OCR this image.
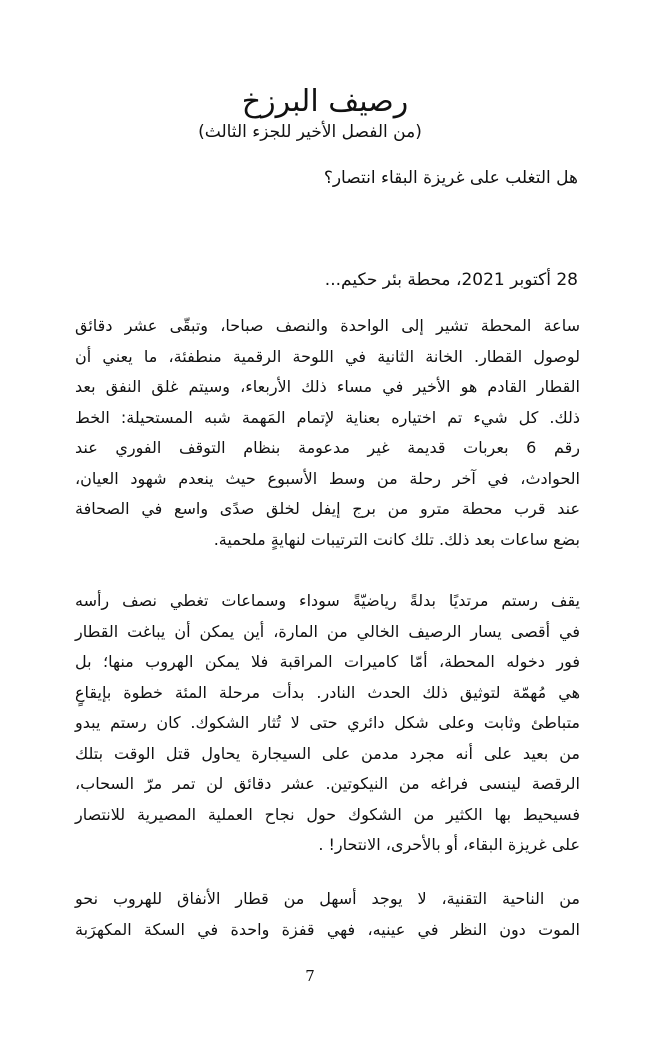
رصيف البرزخ
(من الفصل الأخير للجزء الثالث)
هل التغلب على غريزة البقاء انتصار؟
28 أكتوبر 2021، محطة بئر حكيم...
ساعة المحطة تشير إلى الواحدة والنصف صباحا، وتبقّى عشر دقائق
لوصول القطار. الخانة الثانية في اللوحة الرقمية منطفئة، ما يعني أن
القطار القادم هو الأخير في مساء ذلك الأربعاء، وسيتم غلق النفق بعد
ذلك. كل شيء تم اختياره بعناية لإتمام المَهمة شبه المستحيلة: الخط
رقم 6 بعربات قديمة غير مدعومة بنظام التوقف الفوري عند
الحوادث، في آخر رحلة من وسط الأسبوع حيث ينعدم شهود العيان،
عند قرب محطة مترو من برج إيفل لخلق صدًى واسع في الصحافة
بضع ساعات بعد ذلك. تلك كانت الترتيبات لنهايةٍ ملحمية.
يقف رستم مرتديًا بدلةً رياضيّةً سوداء وسماعات تغطي نصف رأسه
في أقصى يسار الرصيف الخالي من المارة، أين يمكن أن يباغت القطار
فور دخوله المحطة، أمّا كاميرات المراقبة فلا يمكن الهروب منها؛ بل
هي مُهمّة لتوثيق ذلك الحدث النادر. بدأت مرحلة المئة خطوة بإيقاعٍ
متباطئ وثابت وعلى شكل دائري حتى لا تُثار الشكوك. كان رستم يبدو
من بعيد على أنه مجرد مدمن على السيجارة يحاول قتل الوقت بتلك
الرقصة لينسى فراغه من النيكوتين. عشر دقائق لن تمر مرّ السحاب،
فسيحيط بها الكثير من الشكوك حول نجاح العملية المصيرية للانتصار
على غريزة البقاء، أو بالأحرى، الانتحار! .
من الناحية التقنية، لا يوجد أسهل من قطار الأنفاق للهروب نحو
الموت دون النظر في عينيه، فهي قفزة واحدة في السكة المكهرَبة
7
